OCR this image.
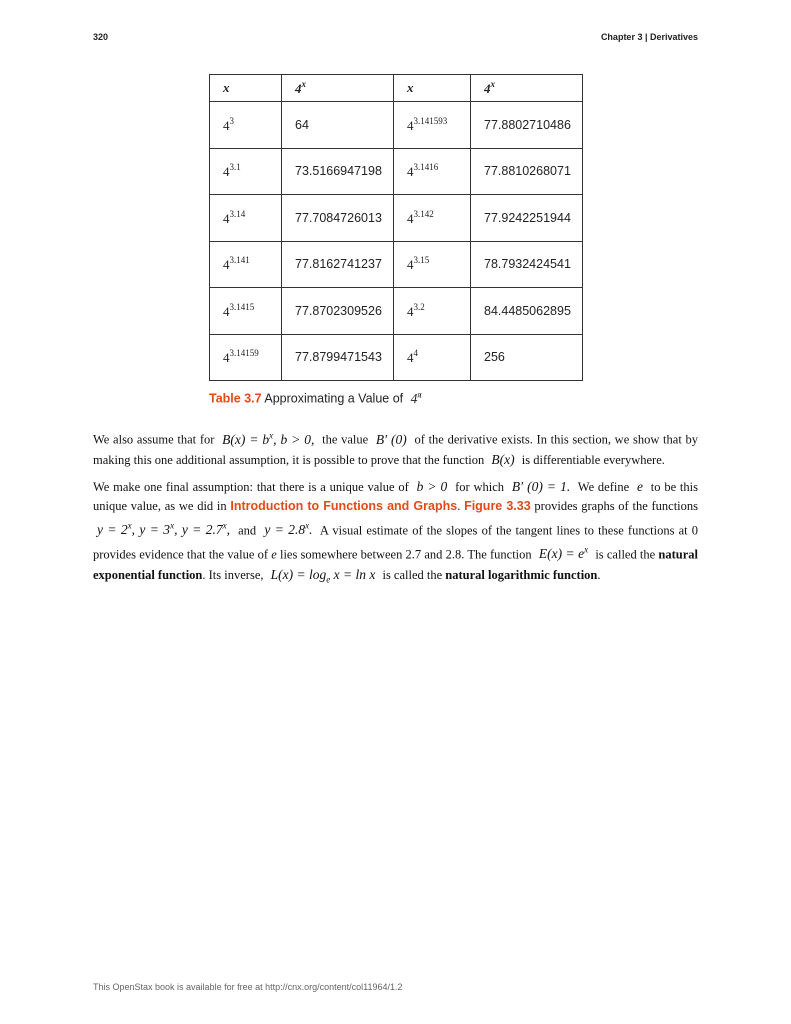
320	Chapter 3 | Derivatives
x	4$^x$	x	4$^x$
$4^3$	64	$4^{3.141593}$	77.8802710486
$4^{3.1}$	73.5166947198	$4^{3.1416}$	77.8810268071
$4^{3.14}$	77.7084726013	$4^{3.142}$	77.9242251944
$4^{3.141}$	77.8162741237	$4^{3.15}$	78.7932424541
$4^{3.1415}$	77.8702309526	$4^{3.2}$	84.4485062895
$4^{3.14159}$	77.8799471543	$4^4$	256
Table 3.7 Approximating a Value of $4^\pi$

We also assume that for $B(x) = b^x$, b > 0, the value B′ (0) of the derivative exists. In this section, we show that by making this one additional assumption, it is possible to prove that the function B(x) is differentiable everywhere.

We make one final assumption: that there is a unique value of b > 0 for which B′ (0) = 1. We define e to be this unique value, as we did in Introduction to Functions and Graphs. Figure 3.33 provides graphs of the functions $y = 2^x$, $y = 3^x$, $y = 2.7^x$, and $y = 2.8^x$. A visual estimate of the slopes of the tangent lines to these functions at 0 provides evidence that the value of e lies somewhere between 2.7 and 2.8. The function $E(x) = e^x$ is called the natural exponential function. Its inverse, $L(x) = \log_e x = \ln x$ is called the natural logarithmic function.

This OpenStax book is available for free at http://cnx.org/content/col11964/1.2
